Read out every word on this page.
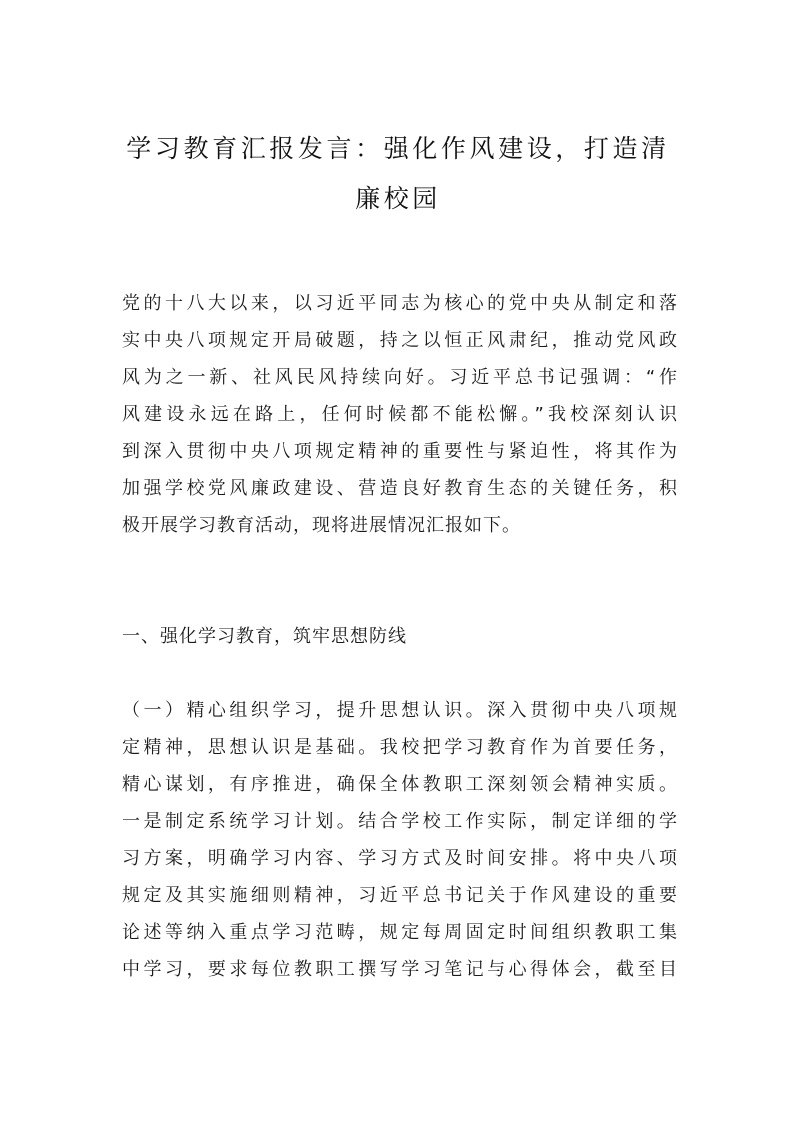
学习教育汇报发言：强化作风建设，打造清
廉校园
党的十八大以来，以习近平同志为核心的党中央从制定和落
实中央八项规定开局破题，持之以恒正风肃纪，推动党风政
风为之一新、社风民风持续向好。习近平总书记强调：“作
风建设永远在路上，任何时候都不能松懈。”我校深刻认识
到深入贯彻中央八项规定精神的重要性与紧迫性，将其作为
加强学校党风廉政建设、营造良好教育生态的关键任务，积
极开展学习教育活动，现将进展情况汇报如下。
一、强化学习教育，筑牢思想防线
（一）精心组织学习，提升思想认识。深入贯彻中央八项规
定精神，思想认识是基础。我校把学习教育作为首要任务，
精心谋划，有序推进，确保全体教职工深刻领会精神实质。
一是制定系统学习计划。结合学校工作实际，制定详细的学
习方案，明确学习内容、学习方式及时间安排。将中央八项
规定及其实施细则精神，习近平总书记关于作风建设的重要
论述等纳入重点学习范畴，规定每周固定时间组织教职工集
中学习，要求每位教职工撰写学习笔记与心得体会，截至目
